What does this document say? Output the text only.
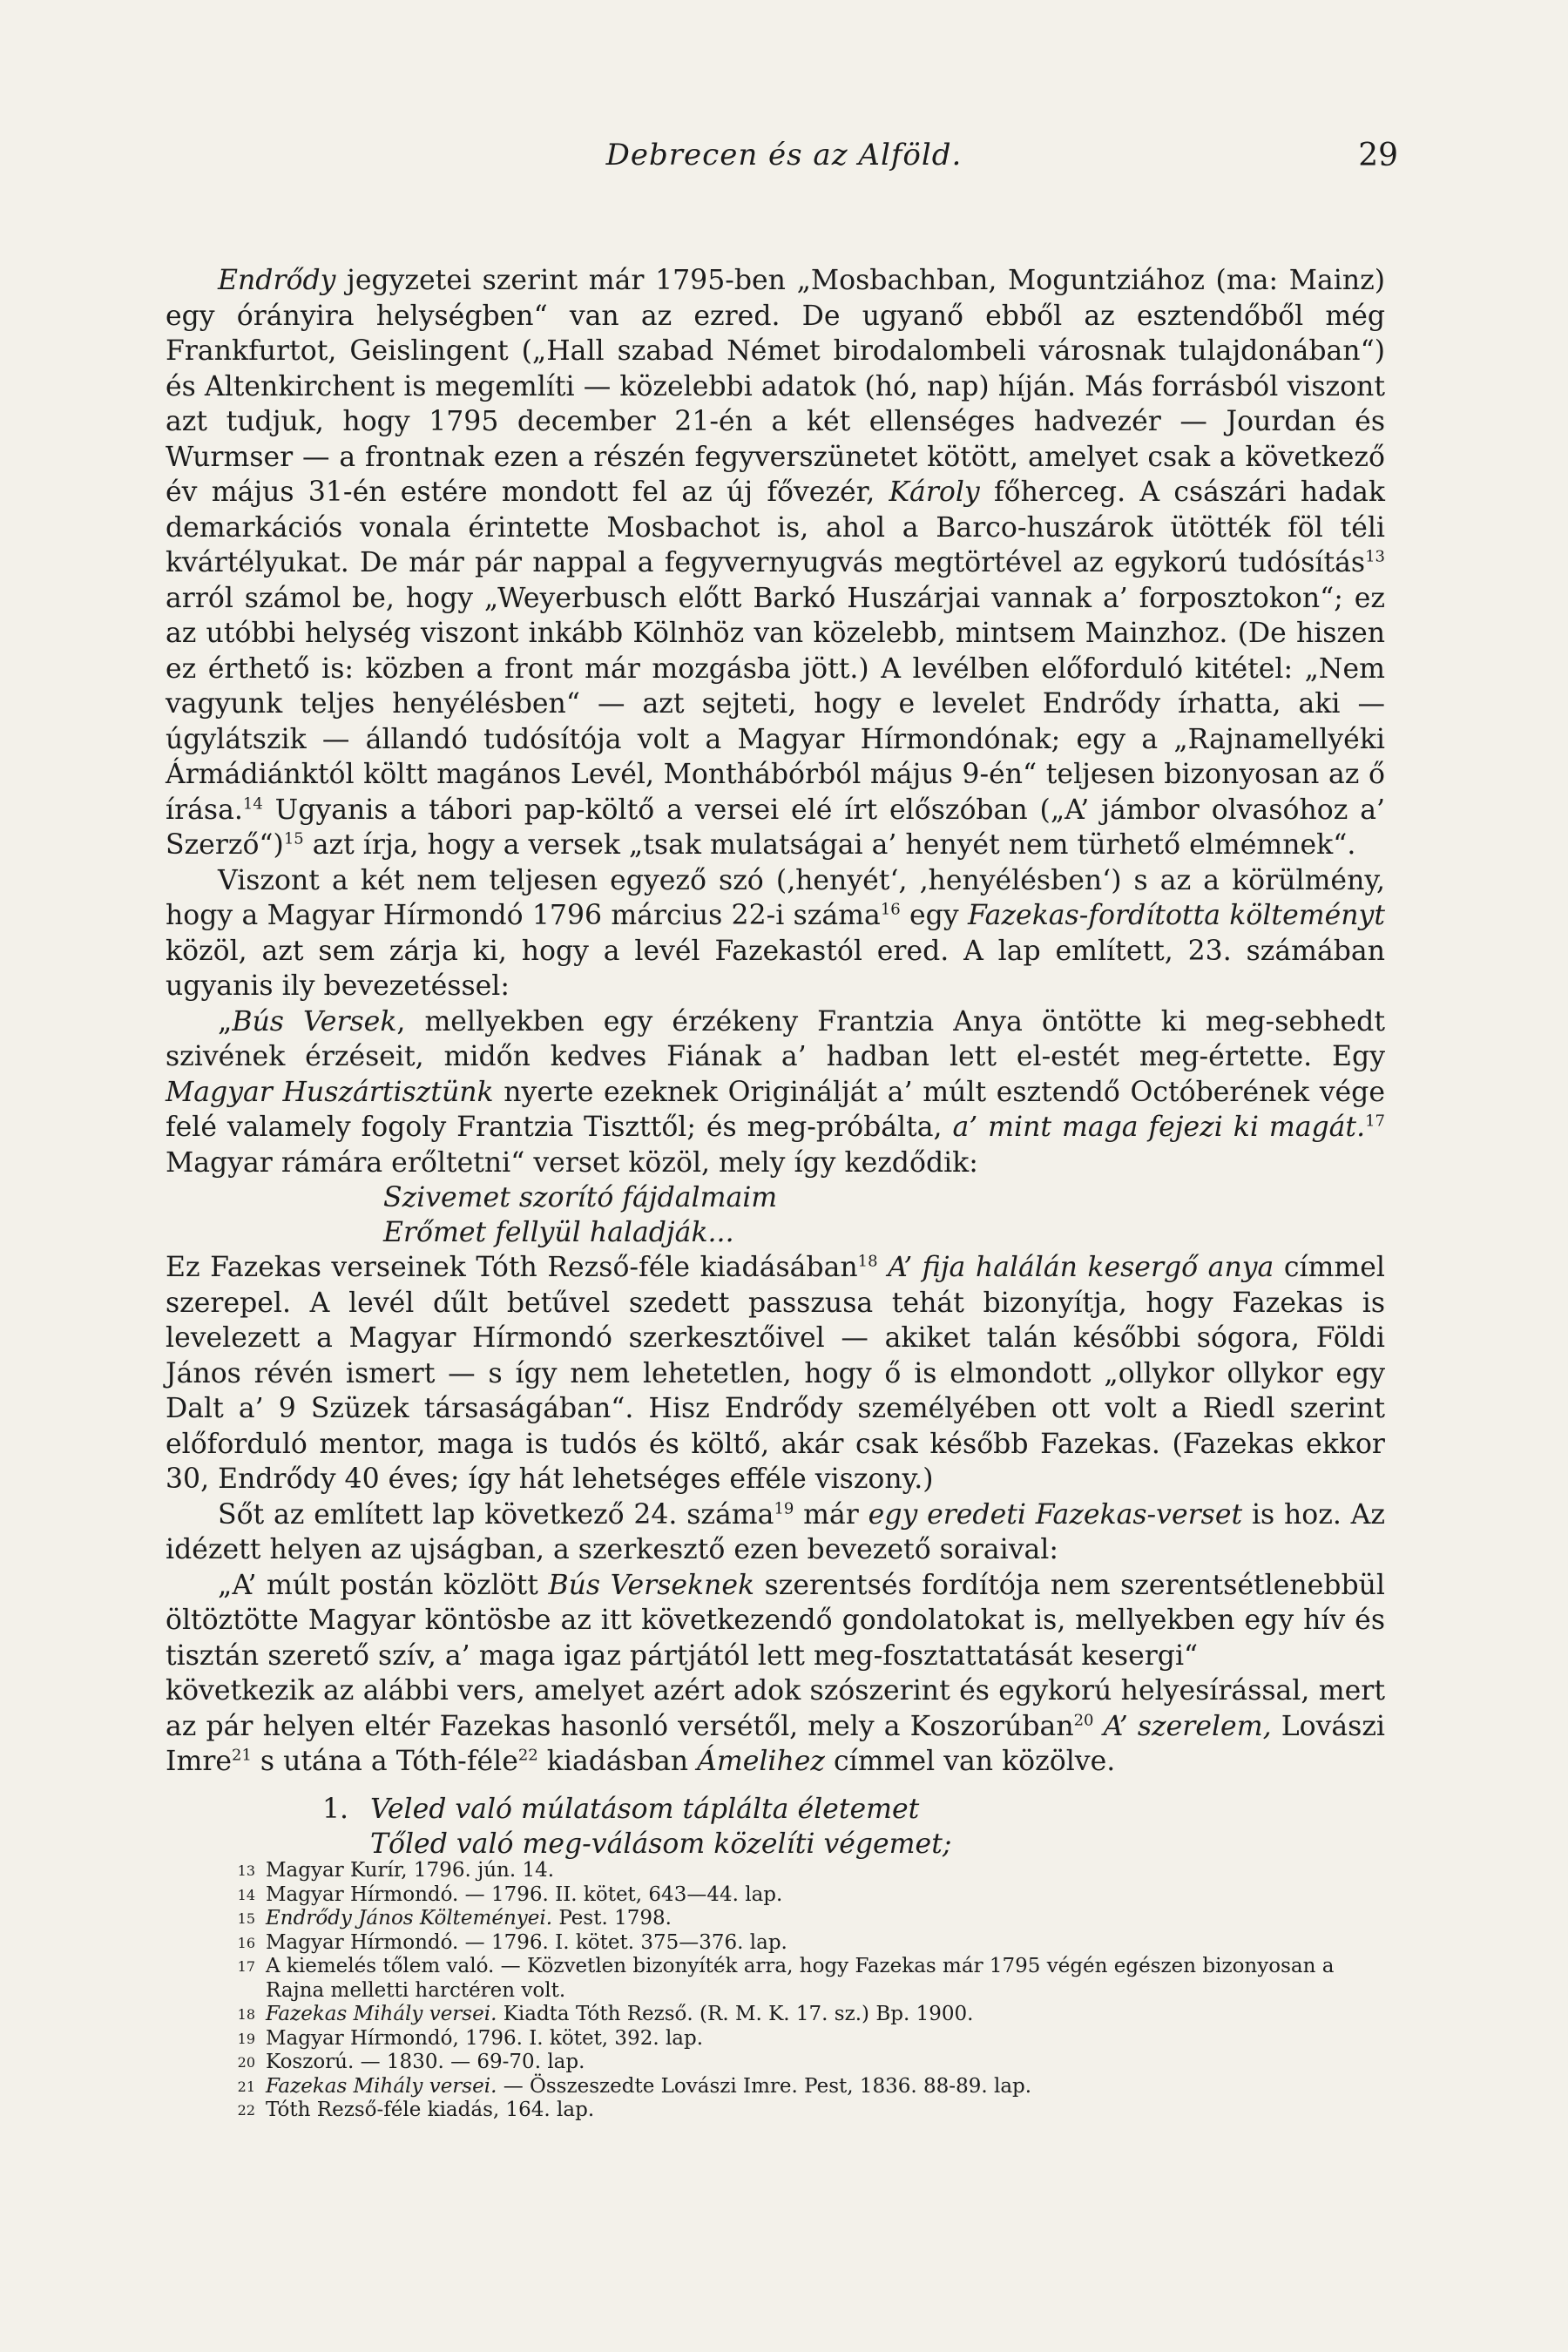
Debrecen és az Alföld.	29

Endrődy jegyzetei szerint már 1795-ben „Mosbachban, Moguntziához (ma: Mainz) egy órányira helységben“ van az ezred. De ugyanő ebből az esztendőből még Frankfurtot, Geislingent („Hall szabad Német birodalombeli városnak tulajdonában“) és Altenkirchent is megemlíti — közelebbi adatok (hó, nap) híján. Más forrásból viszont azt tudjuk, hogy 1795 december 21-én a két ellenséges hadvezér — Jourdan és Wurmser — a frontnak ezen a részén fegyverszünetet kötött, amelyet csak a következő év május 31-én estére mondott fel az új fővezér, Károly főherceg. A császári hadak demarkációs vonala érintette Mosbachot is, ahol a Barco-huszárok ütötték föl téli kvártélyukat. De már pár nappal a fegyvernyugvás megtörtével az egykorú tudósítás$^{13}$ arról számol be, hogy „Weyerbusch előtt Barkó Huszárjai vannak a’ forposztokon“; ez az utóbbi helység viszont inkább Kölnhöz van közelebb, mintsem Mainzhoz. (De hiszen ez érthető is: közben a front már mozgásba jött.) A levélben előforduló kitétel: „Nem vagyunk teljes henyélésben“ — azt sejteti, hogy e levelet Endrődy írhatta, aki — úgylátszik — állandó tudósítója volt a Magyar Hírmondónak; egy a „Rajnamellyéki Ármádiánktól költt magános Levél, Monthábórból május 9-én“ teljesen bizonyosan az ő írása.$^{14}$ Ugyanis a tábori pap-költő a versei elé írt előszóban („A’ jámbor olvasóhoz a’ Szerző“)$^{15}$ azt írja, hogy a versek „tsak mulatságai a’ henyét nem türhető elmémnek“.

Viszont a két nem teljesen egyező szó (‚henyét‘, ‚henyélésben‘) s az a körülmény, hogy a Magyar Hírmondó 1796 március 22-i száma$^{16}$ egy Fazekas-fordította költeményt közöl, azt sem zárja ki, hogy a levél Fazekastól ered. A lap említett, 23. számában ugyanis ily bevezetéssel:

„Bús Versek, mellyekben egy érzékeny Frantzia Anya öntötte ki meg-sebhedt szivének érzéseit, midőn kedves Fiának a’ hadban lett el-estét meg-értette. Egy Magyar Huszártisztünk nyerte ezeknek Originálját a’ múlt esztendő Octóberének vége felé valamely fogoly Frantzia Tiszttől; és meg-próbálta, a’ mint maga fejezi ki magát.$^{17}$ Magyar rámára erőltetni“ verset közöl, mely így kezdődik:

Szivemet szorító fájdalmaim
Erőmet fellyül haladják...

Ez Fazekas verseinek Tóth Rezső-féle kiadásában$^{18}$ A’ fija halálán kesergő anya címmel szerepel. A levél dűlt betűvel szedett passzusa tehát bizonyítja, hogy Fazekas is levelezett a Magyar Hírmondó szerkesztőivel — akiket talán későbbi sógora, Földi János révén ismert — s így nem lehetetlen, hogy ő is elmondott „ollykor ollykor egy Dalt a’ 9 Szüzek társaságában“. Hisz Endrődy személyében ott volt a Riedl szerint előforduló mentor, maga is tudós és költő, akár csak később Fazekas. (Fazekas ekkor 30, Endrődy 40 éves; így hát lehetséges efféle viszony.)

Sőt az említett lap következő 24. száma$^{19}$ már egy eredeti Fazekas-verset is hoz. Az idézett helyen az ujságban, a szerkesztő ezen bevezető soraival:

„A’ múlt postán közlött Bús Verseknek szerentsés fordítója nem szerentsétlenebbül öltöztötte Magyar köntösbe az itt következendő gondolatokat is, mellyekben egy hív és tisztán szerető szív, a’ maga igaz pártjától lett meg-fosztattatását kesergi“

következik az alábbi vers, amelyet azért adok szószerint és egykorú helyesírással, mert az pár helyen eltér Fazekas hasonló versétől, mely a Koszorúban$^{20}$ A’ szerelem, Lovászi Imre$^{21}$ s utána a Tóth-féle$^{22}$ kiadásban Ámelihez címmel van közölve.

1. Veled való múlatásom táplálta életemet
Tőled való meg-válásom közelíti végemet;
13 Magyar Kurír, 1796. jún. 14.
14 Magyar Hírmondó. — 1796. II. kötet, 643—44. lap.
15 Endrődy János Költeményei. Pest. 1798.
16 Magyar Hírmondó. — 1796. I. kötet. 375—376. lap.
17 A kiemelés tőlem való. — Közvetlen bizonyíték arra, hogy Fazekas már 1795 végén egészen bizonyosan a Rajna melletti harctéren volt.
18 Fazekas Mihály versei. Kiadta Tóth Rezső. (R. M. K. 17. sz.) Bp. 1900.
19 Magyar Hírmondó, 1796. I. kötet, 392. lap.
20 Koszorú. — 1830. — 69-70. lap.
21 Fazekas Mihály versei. — Összeszedte Lovászi Imre. Pest, 1836. 88-89. lap.
22 Tóth Rezső-féle kiadás, 164. lap.
